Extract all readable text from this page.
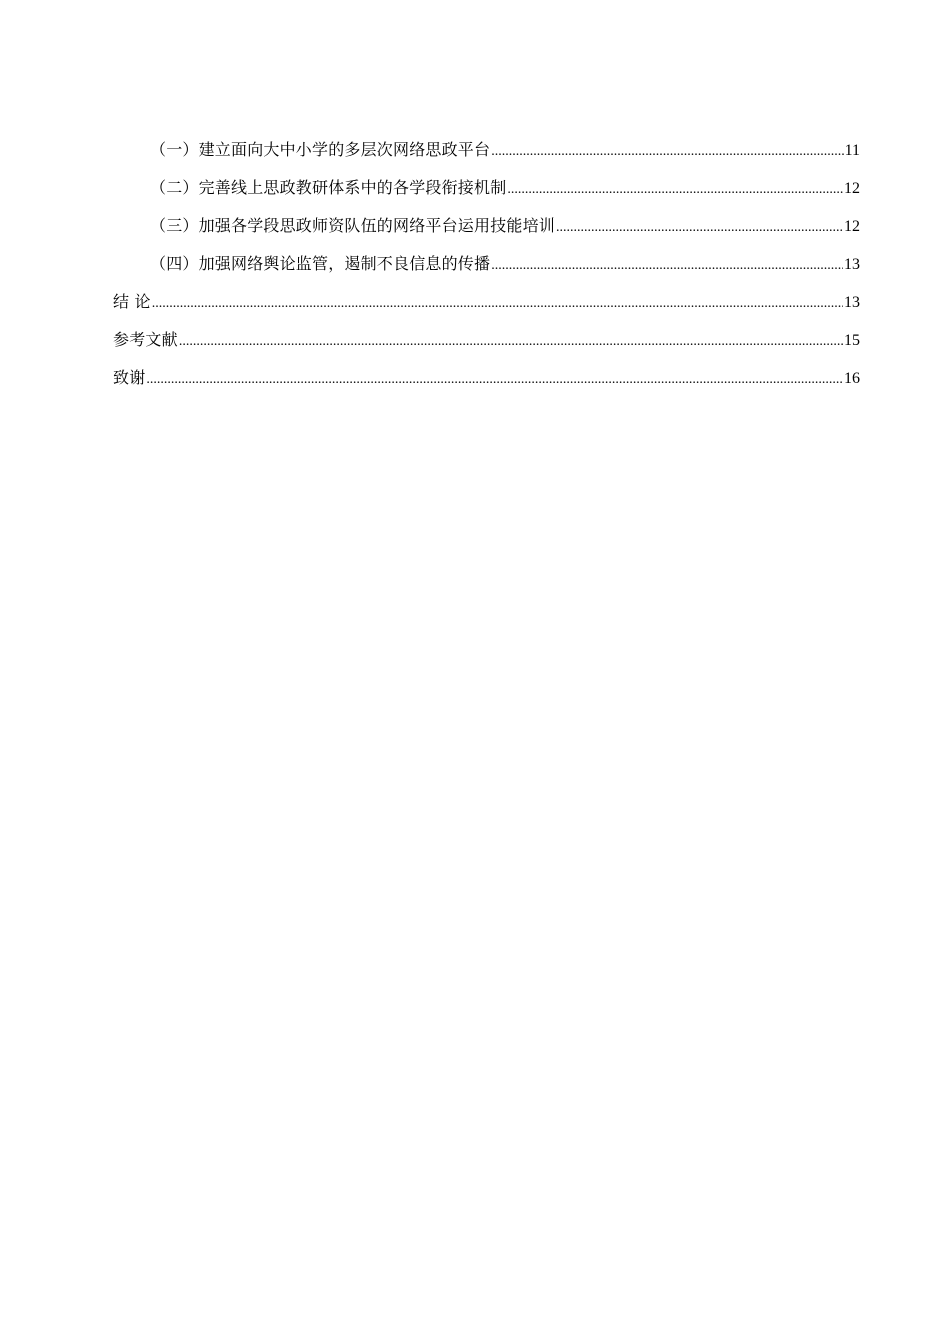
（一）建立面向大中小学的多层次网络思政平台 .....	11
（二）完善线上思政教研体系中的各学段衔接机制 .....	12
（三）加强各学段思政师资队伍的网络平台运用技能培训 .....	12
（四）加强网络舆论监管，遏制不良信息的传播 .....	13
结 论 .....	13
参考文献 .....	15
致谢 .....	16
